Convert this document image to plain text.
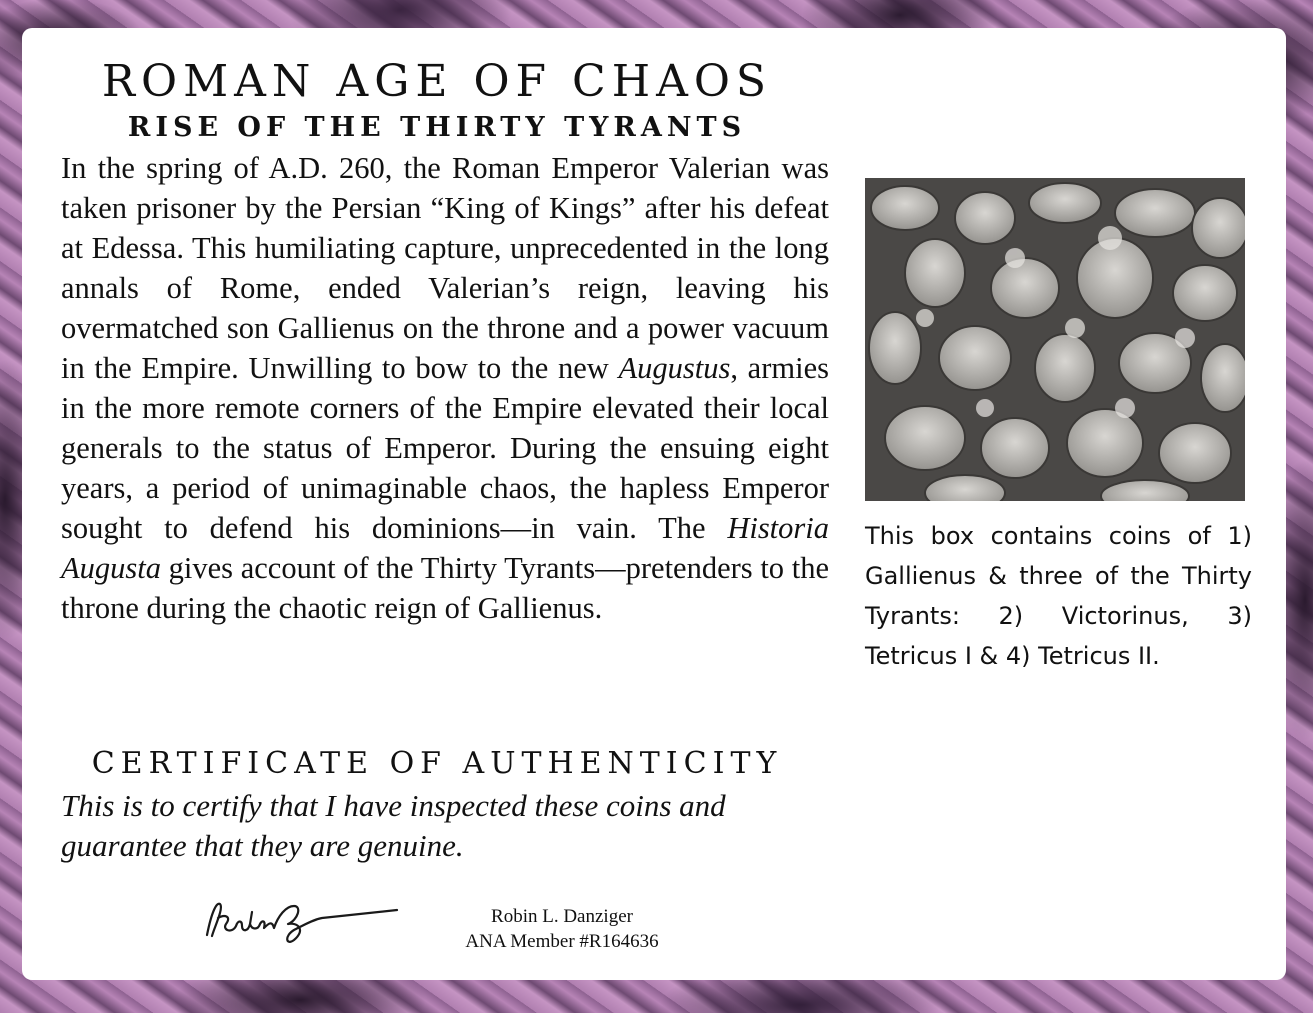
ROMAN AGE OF CHAOS
RISE OF THE THIRTY TYRANTS

In the spring of A.D. 260, the Roman Emperor Valerian was taken prisoner by the Persian “King of Kings” after his defeat at Edessa. This humiliating capture, unprecedented in the long annals of Rome, ended Valerian’s reign, leaving his overmatched son Gallienus on the throne and a power vacuum in the Empire. Unwilling to bow to the new Augustus, armies in the more remote corners of the Empire elevated their local generals to the status of Emperor. During the ensuing eight years, a period of unimaginable chaos, the hapless Emperor sought to defend his dominions—in vain. The Historia Augusta gives account of the Thirty Tyrants—pretenders to the throne during the chaotic reign of Gallienus.

This box contains coins of 1) Gallienus & three of the Thirty Tyrants: 2) Victorinus, 3) Tetricus I & 4) Tetricus II.

CERTIFICATE OF AUTHENTICITY

This is to certify that I have inspected these coins and guarantee that they are genuine.

Robin L. Danziger
ANA Member #R164636
